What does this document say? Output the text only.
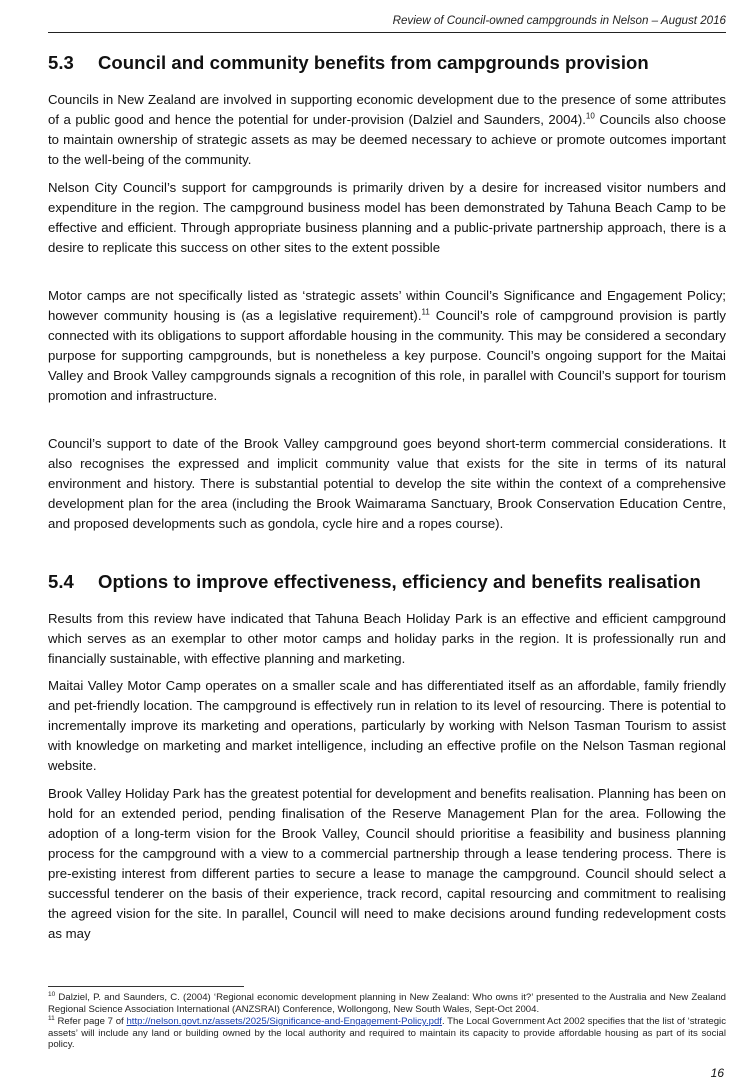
Review of Council-owned campgrounds in Nelson – August 2016
5.3 Council and community benefits from campgrounds provision

Councils in New Zealand are involved in supporting economic development due to the presence of some attributes of a public good and hence the potential for under-provision (Dalziel and Saunders, 2004).$^{10}$ Councils also choose to maintain ownership of strategic assets as may be deemed necessary to achieve or promote outcomes important to the well-being of the community.

Nelson City Council’s support for campgrounds is primarily driven by a desire for increased visitor numbers and expenditure in the region. The campground business model has been demonstrated by Tahuna Beach Camp to be effective and efficient. Through appropriate business planning and a public-private partnership approach, there is a desire to replicate this success on other sites to the extent possible

Motor camps are not specifically listed as ‘strategic assets’ within Council’s Significance and Engagement Policy; however community housing is (as a legislative requirement).$^{11}$ Council’s role of campground provision is partly connected with its obligations to support affordable housing in the community. This may be considered a secondary purpose for supporting campgrounds, but is nonetheless a key purpose. Council’s ongoing support for the Maitai Valley and Brook Valley campgrounds signals a recognition of this role, in parallel with Council’s support for tourism promotion and infrastructure.

Council’s support to date of the Brook Valley campground goes beyond short-term commercial considerations. It also recognises the expressed and implicit community value that exists for the site in terms of its natural environment and history. There is substantial potential to develop the site within the context of a comprehensive development plan for the area (including the Brook Waimarama Sanctuary, Brook Conservation Education Centre, and proposed developments such as gondola, cycle hire and a ropes course).

5.4 Options to improve effectiveness, efficiency and benefits realisation

Results from this review have indicated that Tahuna Beach Holiday Park is an effective and efficient campground which serves as an exemplar to other motor camps and holiday parks in the region. It is professionally run and financially sustainable, with effective planning and marketing.

Maitai Valley Motor Camp operates on a smaller scale and has differentiated itself as an affordable, family friendly and pet-friendly location. The campground is effectively run in relation to its level of resourcing. There is potential to incrementally improve its marketing and operations, particularly by working with Nelson Tasman Tourism to assist with knowledge on marketing and market intelligence, including an effective profile on the Nelson Tasman regional website.

Brook Valley Holiday Park has the greatest potential for development and benefits realisation. Planning has been on hold for an extended period, pending finalisation of the Reserve Management Plan for the area. Following the adoption of a long-term vision for the Brook Valley, Council should prioritise a feasibility and business planning process for the campground with a view to a commercial partnership through a lease tendering process. There is pre-existing interest from different parties to secure a lease to manage the campground. Council should select a successful tenderer on the basis of their experience, track record, capital resourcing and commitment to realising the agreed vision for the site. In parallel, Council will need to make decisions around funding redevelopment costs as may

$^{10}$ Dalziel, P. and Saunders, C. (2004) ‘Regional economic development planning in New Zealand: Who owns it?’ presented to the Australia and New Zealand Regional Science Association International (ANZSRAI) Conference, Wollongong, New South Wales, Sept-Oct 2004.

$^{11}$ Refer page 7 of http://nelson.govt.nz/assets/2025/Significance-and-Engagement-Policy.pdf. The Local Government Act 2002 specifies that the list of ‘strategic assets’ will include any land or building owned by the local authority and required to maintain its capacity to provide affordable housing as part of its social policy.

16
